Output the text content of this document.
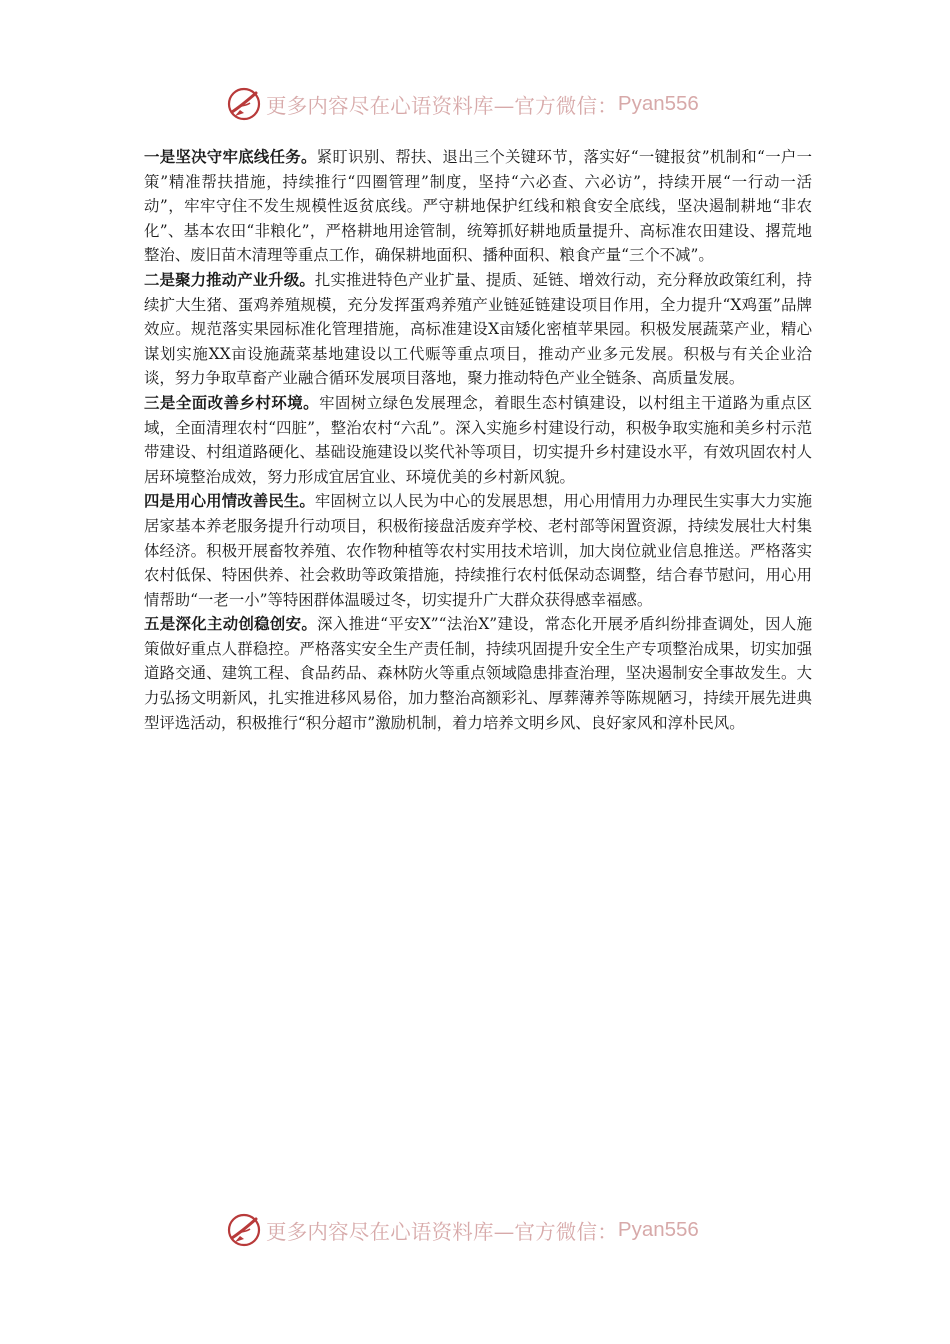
更多内容尽在心语资料库—官方微信： Pyan556

一是坚决守牢底线任务。紧盯识别、帮扶、退出三个关键环节，落实好“一键报贫”机制和“一户一策”精准帮扶措施，持续推行“四圈管理”制度，坚持“六必查、六必访”，持续开展“一行动一活动”，牢牢守住不发生规模性返贫底线。严守耕地保护红线和粮食安全底线，坚决遏制耕地“非农化”、基本农田“非粮化”，严格耕地用途管制，统筹抓好耕地质量提升、高标准农田建设、撂荒地整治、废旧苗木清理等重点工作，确保耕地面积、播种面积、粮食产量“三个不减”。

二是聚力推动产业升级。扎实推进特色产业扩量、提质、延链、增效行动，充分释放政策红利，持续扩大生猪、蛋鸡养殖规模，充分发挥蛋鸡养殖产业链延链建设项目作用，全力提升“X鸡蛋”品牌效应。规范落实果园标准化管理措施，高标准建设X亩矮化密植苹果园。积极发展蔬菜产业，精心谋划实施XX亩设施蔬菜基地建设以工代赈等重点项目，推动产业多元发展。积极与有关企业洽谈，努力争取草畜产业融合循环发展项目落地，聚力推动特色产业全链条、高质量发展。

三是全面改善乡村环境。牢固树立绿色发展理念，着眼生态村镇建设，以村组主干道路为重点区域，全面清理农村“四脏”，整治农村“六乱”。深入实施乡村建设行动，积极争取实施和美乡村示范带建设、村组道路硬化、基础设施建设以奖代补等项目，切实提升乡村建设水平，有效巩固农村人居环境整治成效，努力形成宜居宜业、环境优美的乡村新风貌。

四是用心用情改善民生。牢固树立以人民为中心的发展思想，用心用情用力办理民生实事大力实施居家基本养老服务提升行动项目，积极衔接盘活废弃学校、老村部等闲置资源，持续发展壮大村集体经济。积极开展畜牧养殖、农作物种植等农村实用技术培训，加大岗位就业信息推送。严格落实农村低保、特困供养、社会救助等政策措施，持续推行农村低保动态调整，结合春节慰问，用心用情帮助“一老一小”等特困群体温暖过冬，切实提升广大群众获得感幸福感。

五是深化主动创稳创安。深入推进“平安X”“法治X”建设，常态化开展矛盾纠纷排查调处，因人施策做好重点人群稳控。严格落实安全生产责任制，持续巩固提升安全生产专项整治成果，切实加强道路交通、建筑工程、食品药品、森林防火等重点领域隐患排查治理，坚决遏制安全事故发生。大力弘扬文明新风，扎实推进移风易俗，加力整治高额彩礼、厚葬薄养等陈规陋习，持续开展先进典型评选活动，积极推行“积分超市”激励机制，着力培养文明乡风、良好家风和淳朴民风。

更多内容尽在心语资料库—官方微信： Pyan556
